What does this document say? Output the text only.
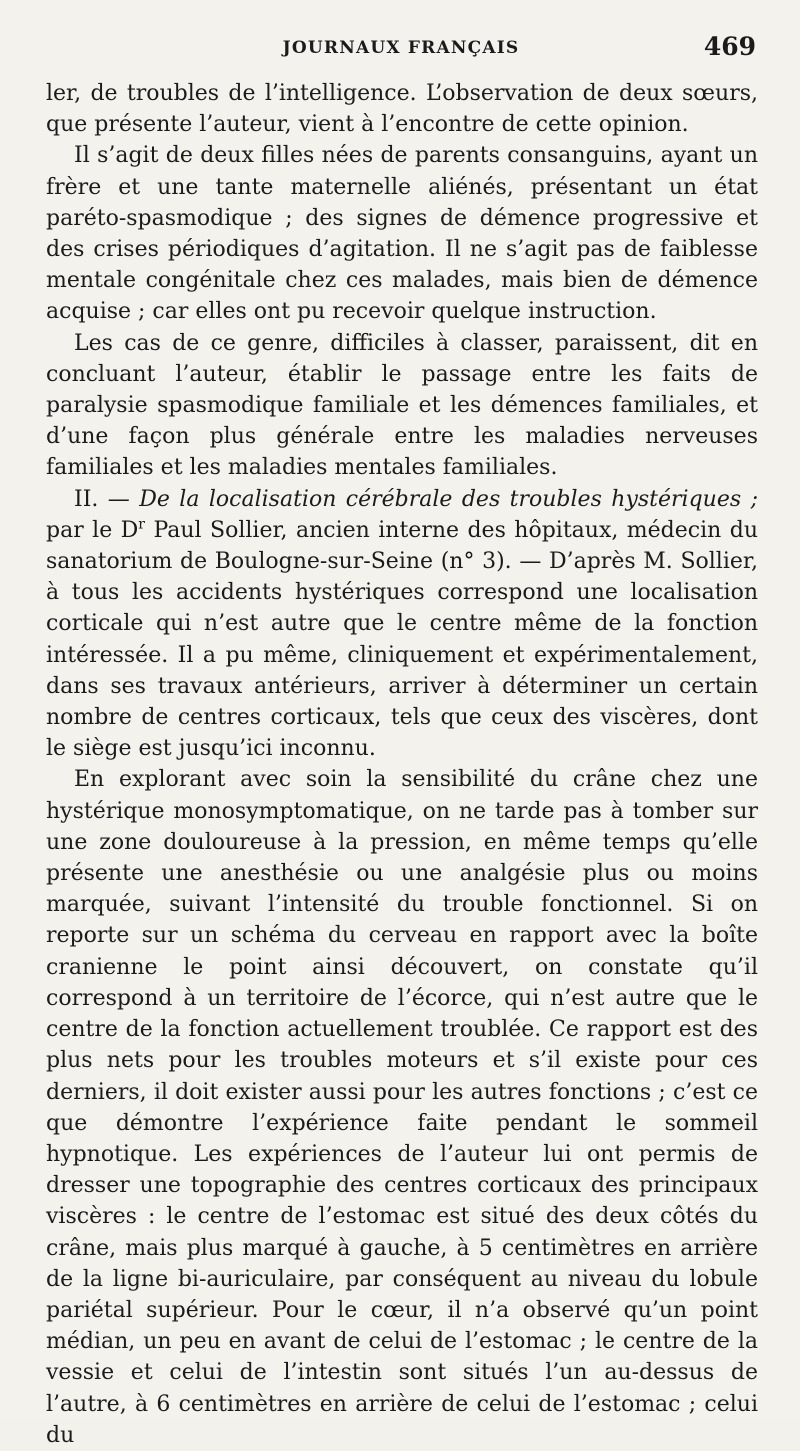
JOURNAUX FRANÇAIS	469

ler, de troubles de l’intelligence. L’observation de deux sœurs, que présente l’auteur, vient à l’encontre de cette opinion.

Il s’agit de deux filles nées de parents consanguins, ayant un frère et une tante maternelle aliénés, présentant un état paréto-spasmodique ; des signes de démence progressive et des crises périodiques d’agitation. Il ne s’agit pas de faiblesse mentale congénitale chez ces malades, mais bien de démence acquise ; car elles ont pu recevoir quelque instruction.

Les cas de ce genre, difficiles à classer, paraissent, dit en concluant l’auteur, établir le passage entre les faits de paralysie spasmodique familiale et les démences familiales, et d’une façon plus générale entre les maladies nerveuses familiales et les maladies mentales familiales.

II. — De la localisation cérébrale des troubles hystériques ; par le $D^r$ Paul Sollier, ancien interne des hôpitaux, médecin du sanatorium de Boulogne-sur-Seine (n° 3). — D’après M. Sollier, à tous les accidents hystériques correspond une localisation corticale qui n’est autre que le centre même de la fonction intéressée. Il a pu même, cliniquement et expérimentalement, dans ses travaux antérieurs, arriver à déterminer un certain nombre de centres corticaux, tels que ceux des viscères, dont le siège est jusqu’ici inconnu.

En explorant avec soin la sensibilité du crâne chez une hystérique monosymptomatique, on ne tarde pas à tomber sur une zone douloureuse à la pression, en même temps qu’elle présente une anesthésie ou une analgésie plus ou moins marquée, suivant l’intensité du trouble fonctionnel. Si on reporte sur un schéma du cerveau en rapport avec la boîte cranienne le point ainsi découvert, on constate qu’il correspond à un territoire de l’écorce, qui n’est autre que le centre de la fonction actuellement troublée. Ce rapport est des plus nets pour les troubles moteurs et s’il existe pour ces derniers, il doit exister aussi pour les autres fonctions ; c’est ce que démontre l’expérience faite pendant le sommeil hypnotique. Les expériences de l’auteur lui ont permis de dresser une topographie des centres corticaux des principaux viscères : le centre de l’estomac est situé des deux côtés du crâne, mais plus marqué à gauche, à 5 centimètres en arrière de la ligne bi-auriculaire, par conséquent au niveau du lobule pariétal supérieur. Pour le cœur, il n’a observé qu’un point médian, un peu en avant de celui de l’estomac ; le centre de la vessie et celui de l’intestin sont situés l’un au-dessus de l’autre, à 6 centimètres en arrière de celui de l’estomac ; celui du
